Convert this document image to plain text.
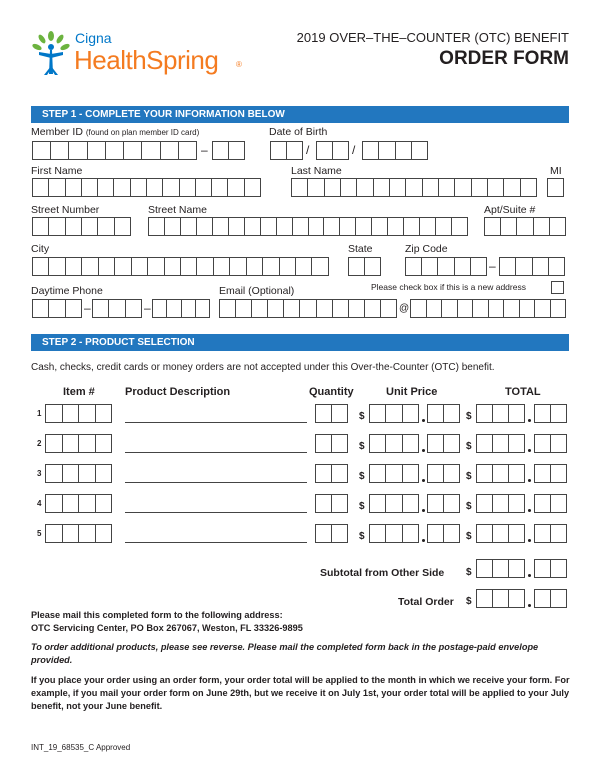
Cigna
HealthSpring ®
2019 OVER–THE–COUNTER (OTC) BENEFIT
ORDER FORM
STEP 1 - COMPLETE YOUR INFORMATION BELOW
Member ID (found on plan member ID card)
–
Date of Birth
/	/
First Name	Last Name	MI
Street Number	Street Name	Apt/Suite #
City	State	Zip Code
–
Daytime Phone
–	–
Email (Optional)
@
Please check box if this is a new address
STEP 2 - PRODUCT SELECTION
Cash, checks, credit cards or money orders are not accepted under this Over-the-Counter (OTC) benefit.
Item #	Product Description	Quantity	Unit Price	TOTAL
1	$	$
2	$	$
3	$	$
4	$	$
5	$	$
Subtotal from Other Side $
Total Order $
Please mail this completed form to the following address:
OTC Servicing Center, PO Box 267067, Weston, FL 33326-9895
To order additional products, please see reverse. Please mail the completed form back in the postage-paid envelope provided.
If you place your order using an order form, your order total will be applied to the month in which we receive your form. For example, if you mail your order form on June 29th, but we receive it on July 1st, your order total will be applied to your July benefit, not your June benefit.
INT_19_68535_C Approved
